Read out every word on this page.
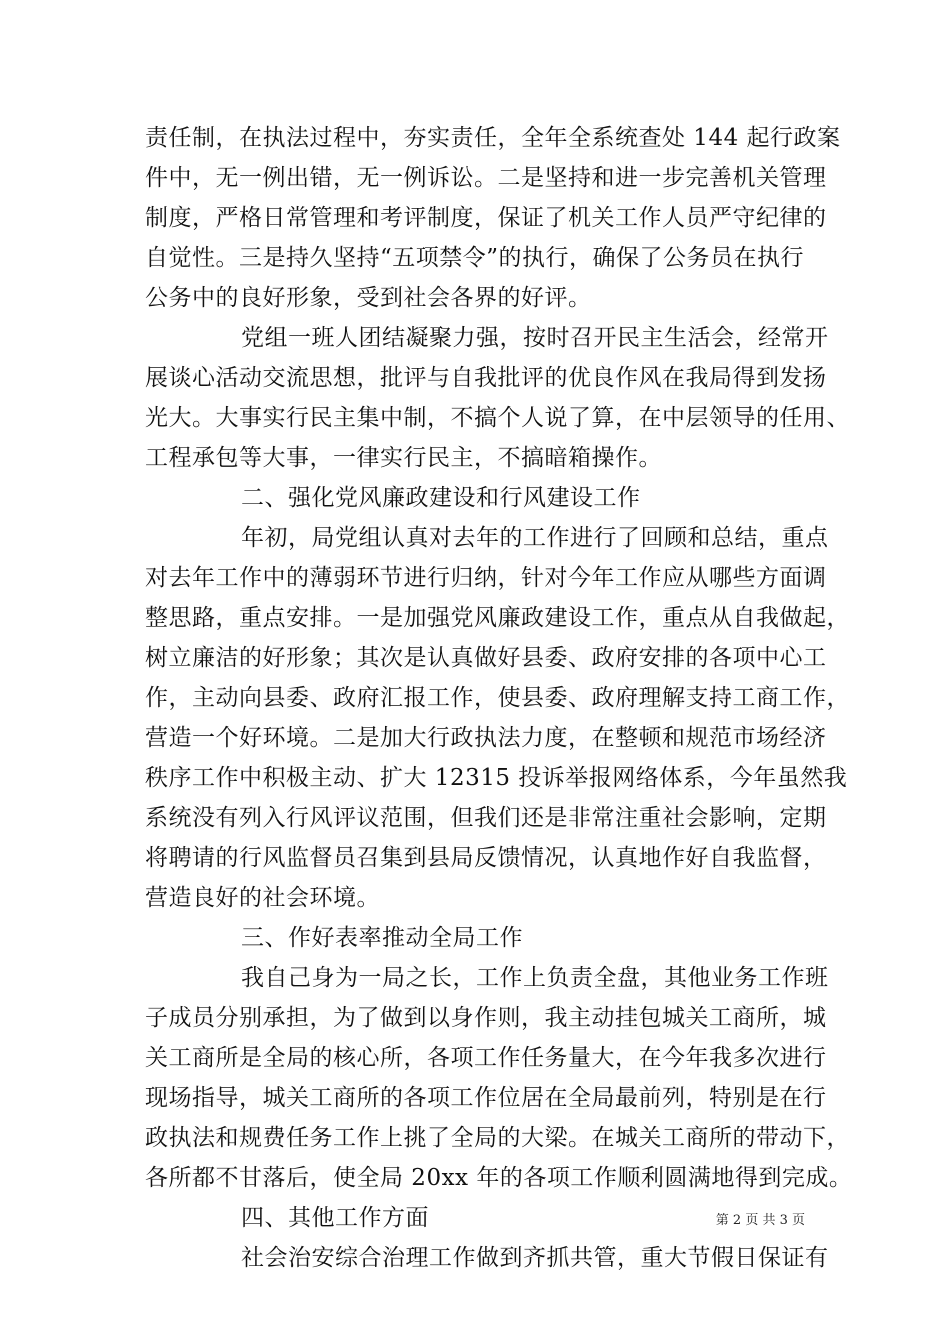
责任制，在执法过程中，夯实责任，全年全系统查处 144 起行政案
件中，无一例出错，无一例诉讼。二是坚持和进一步完善机关管理
制度，严格日常管理和考评制度，保证了机关工作人员严守纪律的
自觉性。三是持久坚持“五项禁令”的执行，确保了公务员在执行
公务中的良好形象，受到社会各界的好评。
党组一班人团结凝聚力强，按时召开民主生活会，经常开
展谈心活动交流思想，批评与自我批评的优良作风在我局得到发扬
光大。大事实行民主集中制，不搞个人说了算，在中层领导的任用、
工程承包等大事，一律实行民主，不搞暗箱操作。
二、强化党风廉政建设和行风建设工作
年初，局党组认真对去年的工作进行了回顾和总结，重点
对去年工作中的薄弱环节进行归纳，针对今年工作应从哪些方面调
整思路，重点安排。一是加强党风廉政建设工作，重点从自我做起，
树立廉洁的好形象；其次是认真做好县委、政府安排的各项中心工
作，主动向县委、政府汇报工作，使县委、政府理解支持工商工作，
营造一个好环境。二是加大行政执法力度，在整顿和规范市场经济
秩序工作中积极主动、扩大 12315 投诉举报网络体系，今年虽然我
系统没有列入行风评议范围，但我们还是非常注重社会影响，定期
将聘请的行风监督员召集到县局反馈情况，认真地作好自我监督，
营造良好的社会环境。
三、作好表率推动全局工作
我自己身为一局之长，工作上负责全盘，其他业务工作班
子成员分别承担，为了做到以身作则，我主动挂包城关工商所，城
关工商所是全局的核心所，各项工作任务量大，在今年我多次进行
现场指导，城关工商所的各项工作位居在全局最前列，特别是在行
政执法和规费任务工作上挑了全局的大梁。在城关工商所的带动下，
各所都不甘落后，使全局 20xx 年的各项工作顺利圆满地得到完成。
四、其他工作方面
社会治安综合治理工作做到齐抓共管，重大节假日保证有
第 2 页 共 3 页
